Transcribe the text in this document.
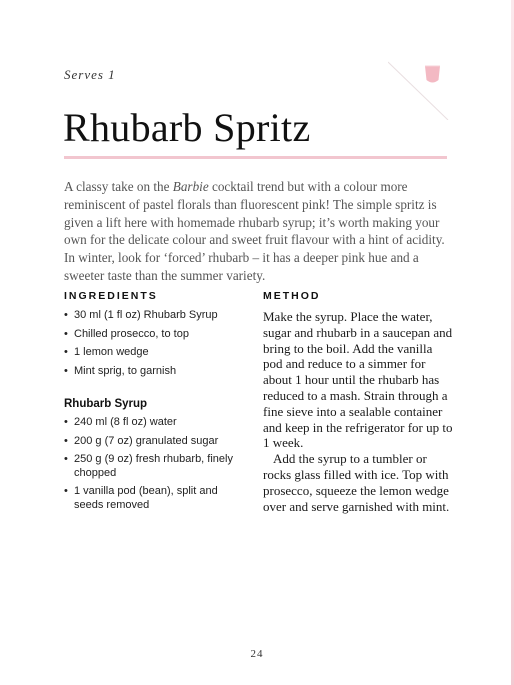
Serves 1
Rhubarb Spritz

A classy take on the Barbie cocktail trend but with a colour more reminiscent of pastel florals than fluorescent pink! The simple spritz is given a lift here with homemade rhubarb syrup; it’s worth making your own for the delicate colour and sweet fruit flavour with a hint of acidity. In winter, look for ‘forced’ rhubarb – it has a deeper pink hue and a sweeter taste than the summer variety.

INGREDIENTS
• 30 ml (1 fl oz) Rhubarb Syrup
• Chilled prosecco, to top
• 1 lemon wedge
• Mint sprig, to garnish
Rhubarb Syrup
• 240 ml (8 fl oz) water
• 200 g (7 oz) granulated sugar
• 250 g (9 oz) fresh rhubarb, finely chopped
• 1 vanilla pod (bean), split and seeds removed
METHOD

Make the syrup. Place the water, sugar and rhubarb in a saucepan and bring to the boil. Add the vanilla pod and reduce to a simmer for about 1 hour until the rhubarb has reduced to a mash. Strain through a fine sieve into a sealable container and keep in the refrigerator for up to 1 week.

Add the syrup to a tumbler or rocks glass filled with ice. Top with prosecco, squeeze the lemon wedge over and serve garnished with mint.

24
